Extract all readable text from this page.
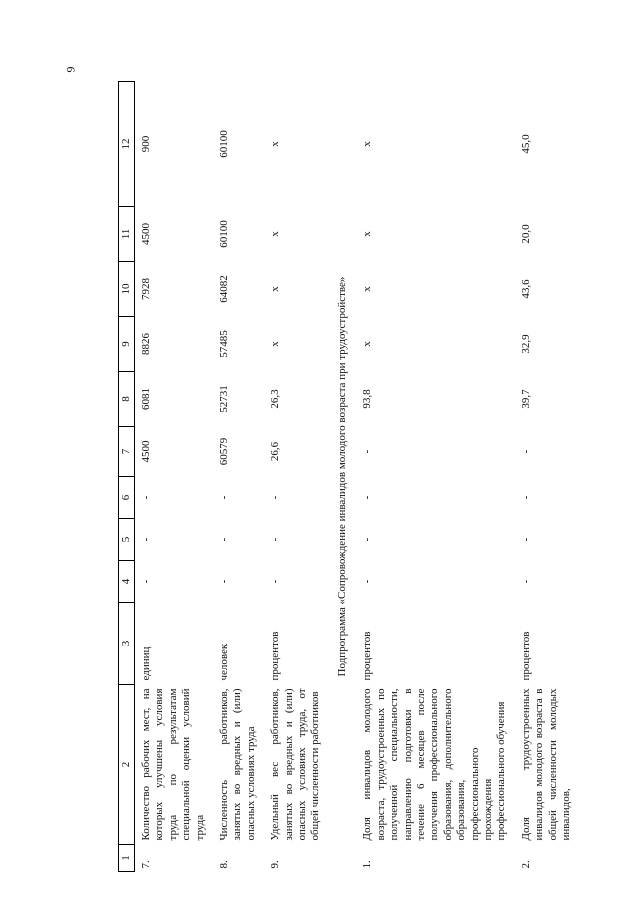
9
1	2	3	4	5	6	7	8	9	10	11	12
7.	Количество рабочих мест, на которых улучшены условия труда по результатам специальной оценки условий труда	единиц	-	-	-	4500	6081	8826	7928	4500	900
8.	Численность работников, занятых во вредных и (или) опасных условиях труда	человек	-	-	-	60579	52731	57485	64082	60100	60100
9.	Удельный вес работников, занятых во вредных и (или) опасных условиях труда, от общей численности работников	процентов	-	-	-	26,6	26,3	x	x	x	x
Подпрограмма «Сопровождение инвалидов молодого возраста при трудоустройстве»											
1.	Доля инвалидов молодого возраста, трудоустроенных по полученной специальности, направлению подготовки в течение 6 месяцев после получения профессионального образования, дополнительного образования, профессионального прохождения профессионального обучения	процентов	-	-	-	-	93,8	x	x	x	x
2.	Доля трудоустроенных инвалидов молодого возраста в общей численности молодых инвалидов,	процентов	-	-	-	-	39,7	32,9	43,6	20,0	45,0
